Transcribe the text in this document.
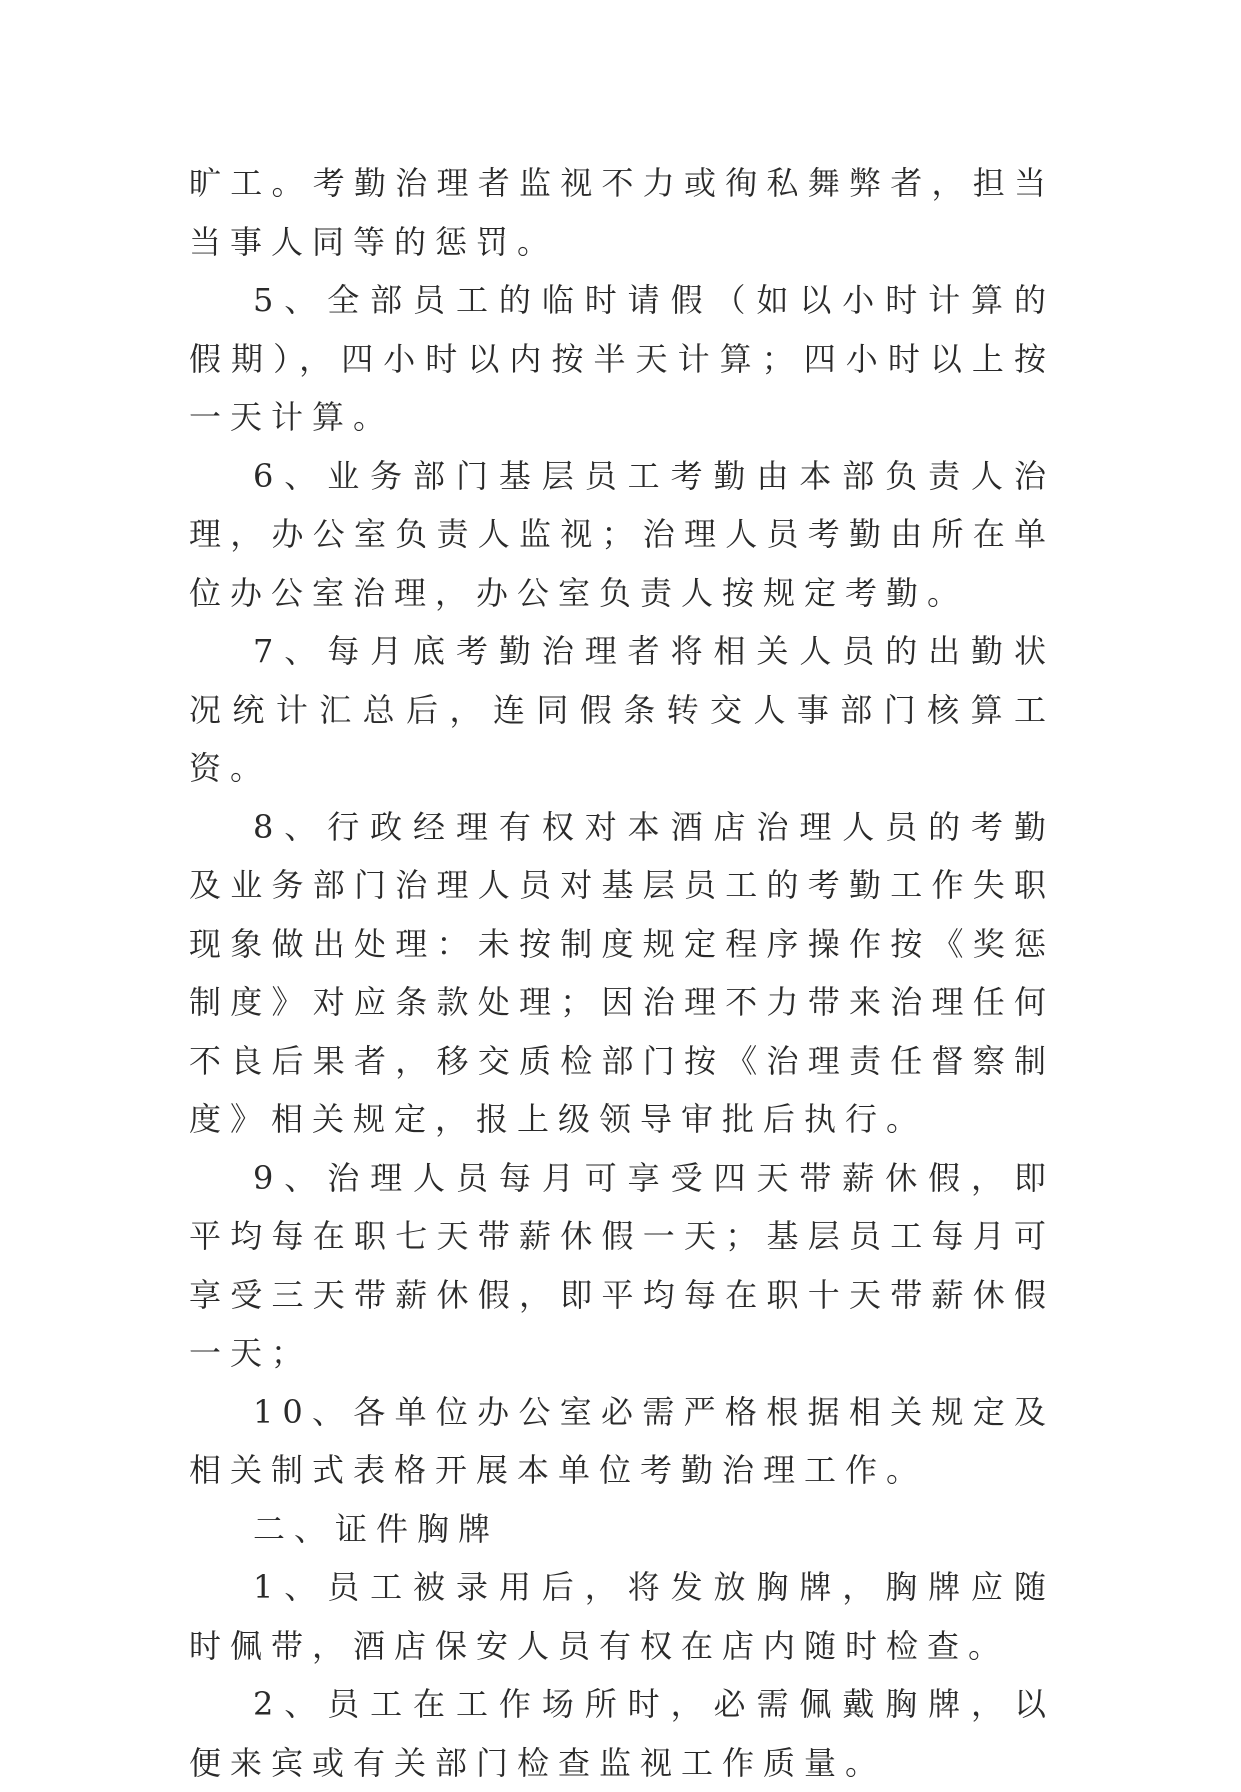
旷工。考勤治理者监视不力或徇私舞弊者，担当当事人同等的惩罚。

5、全部员工的临时请假（如以小时计算的假期），四小时以内按半天计算；四小时以上按一天计算。

6、业务部门基层员工考勤由本部负责人治理，办公室负责人监视；治理人员考勤由所在单位办公室治理，办公室负责人按规定考勤。

7、每月底考勤治理者将相关人员的出勤状况统计汇总后，连同假条转交人事部门核算工资。

8、行政经理有权对本酒店治理人员的考勤及业务部门治理人员对基层员工的考勤工作失职现象做出处理：未按制度规定程序操作按《奖惩制度》对应条款处理；因治理不力带来治理任何不良后果者，移交质检部门按《治理责任督察制度》相关规定，报上级领导审批后执行。

9、治理人员每月可享受四天带薪休假，即平均每在职七天带薪休假一天；基层员工每月可享受三天带薪休假，即平均每在职十天带薪休假一天；

10、各单位办公室必需严格根据相关规定及相关制式表格开展本单位考勤治理工作。

二、证件胸牌

1、员工被录用后，将发放胸牌，胸牌应随时佩带，酒店保安人员有权在店内随时检查。

2、员工在工作场所时，必需佩戴胸牌，以便来宾或有关部门检查监视工作质量。
